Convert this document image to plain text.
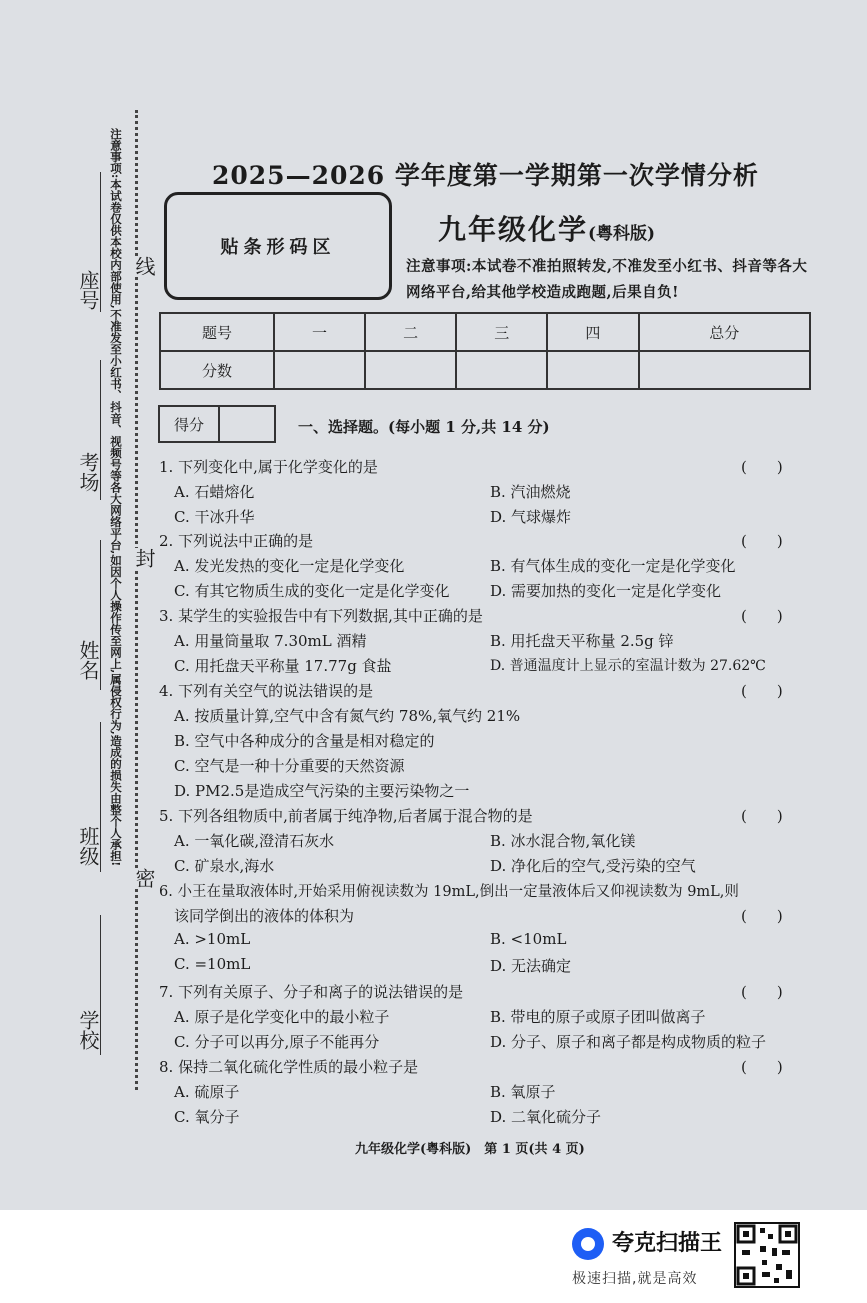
注意事项:本试卷仅供本校内部使用,不准发至小红书、抖音、视频号等各大网络平台,如因个人操作传至网上,属侵权行为,造成的损失由整个人承担!
密
封
线
学校
班级
姓名
考场
座号
2025—2026 学年度第一学期第一次学情分析
贴条形码区
九年级化学(粤科版)
注意事项:本试卷不准拍照转发,不准发至小红书、抖音等各大网络平台,给其他学校造成跑题,后果自负!
题号	一	二	三	四	总分
分数					
得分	一、选择题。(每小题 1 分,共 14 分)
1. 下列变化中,属于化学变化的是	(　　)
A. 石蜡熔化	B. 汽油燃烧
C. 干冰升华	D. 气球爆炸
2. 下列说法中正确的是	(　　)
A. 发光发热的变化一定是化学变化	B. 有气体生成的变化一定是化学变化
C. 有其它物质生成的变化一定是化学变化	D. 需要加热的变化一定是化学变化
3. 某学生的实验报告中有下列数据,其中正确的是	(　　)
A. 用量筒量取 7.30mL 酒精	B. 用托盘天平称量 2.5g 锌
C. 用托盘天平称量 17.77g 食盐	D. 普通温度计上显示的室温计数为 27.62℃
4. 下列有关空气的说法错误的是	(　　)
A. 按质量计算,空气中含有氮气约 78%,氧气约 21%
B. 空气中各种成分的含量是相对稳定的
C. 空气是一种十分重要的天然资源
D. PM2.5是造成空气污染的主要污染物之一
5. 下列各组物质中,前者属于纯净物,后者属于混合物的是	(　　)
A. 一氧化碳,澄清石灰水	B. 冰水混合物,氧化镁
C. 矿泉水,海水	D. 净化后的空气,受污染的空气
6. 小王在量取液体时,开始采用俯视读数为 19mL,倒出一定量液体后又仰视读数为 9mL,则
该同学倒出的液体的体积为	(　　)
A. >10mL	B. <10mL
C. =10mL	D. 无法确定
7. 下列有关原子、分子和离子的说法错误的是	(　　)
A. 原子是化学变化中的最小粒子	B. 带电的原子或原子团叫做离子
C. 分子可以再分,原子不能再分	D. 分子、原子和离子都是构成物质的粒子
8. 保持二氧化硫化学性质的最小粒子是	(　　)
A. 硫原子	B. 氧原子
C. 氧分子	D. 二氧化硫分子
九年级化学(粤科版)　第 1 页(共 4 页)
夸克扫描王
极速扫描,就是高效
